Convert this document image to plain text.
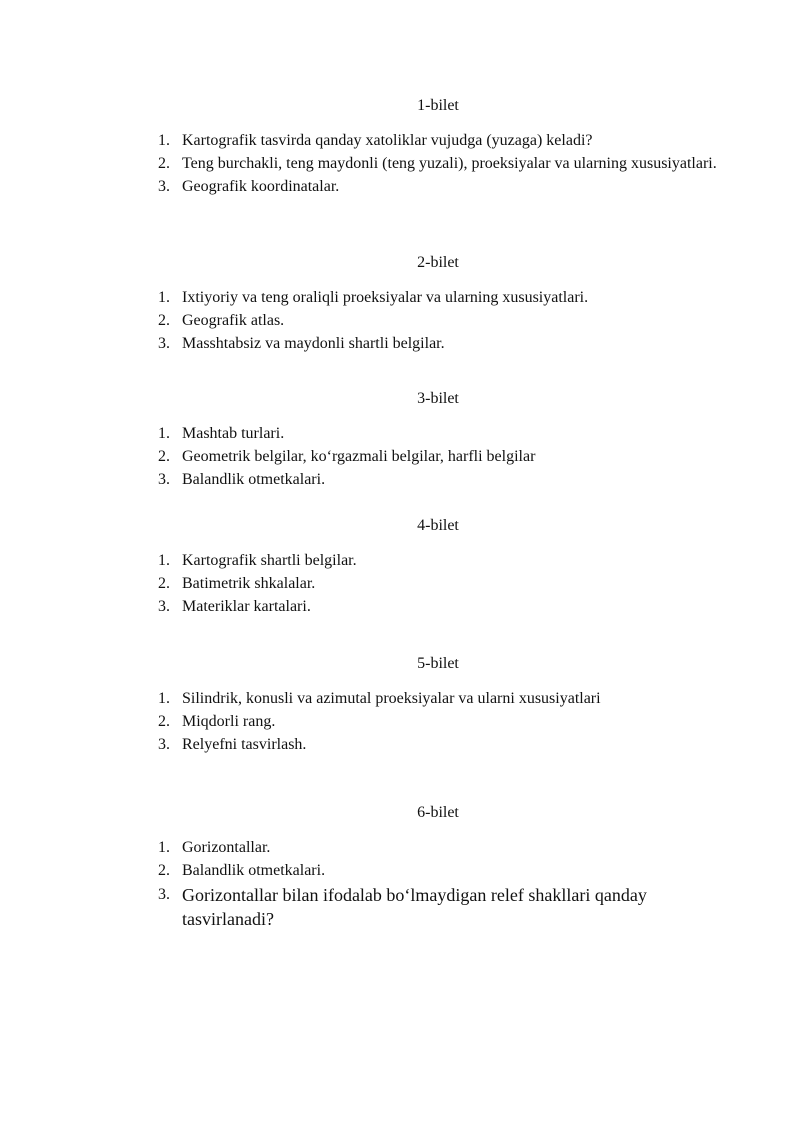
1-bilet
1. Kartografik tasvirda qanday xatoliklar vujudga (yuzaga) keladi?
2. Teng burchakli, teng maydonli (teng yuzali), proeksiyalar va ularning xususiyatlari.
3. Geografik koordinatalar.
2-bilet
1. Ixtiyoriy va teng oraliqli proeksiyalar va ularning xususiyatlari.
2. Geografik atlas.
3. Masshtabsiz va maydonli shartli belgilar.
3-bilet
1. Mashtab turlari.
2. Geometrik belgilar, ko‘rgazmali belgilar, harfli belgilar
3. Balandlik otmetkalari.
4-bilet
1. Kartografik shartli belgilar.
2. Batimetrik shkalalar.
3. Materiklar kartalari.
5-bilet
1. Silindrik, konusli va azimutal proeksiyalar va ularni xususiyatlari
2. Miqdorli rang.
3. Relyefni tasvirlash.
6-bilet
1. Gorizontallar.
2. Balandlik otmetkalari.
3. Gorizontallar bilan ifodalab bo‘lmaydigan relef shakllari qanday tasvirlanadi?
